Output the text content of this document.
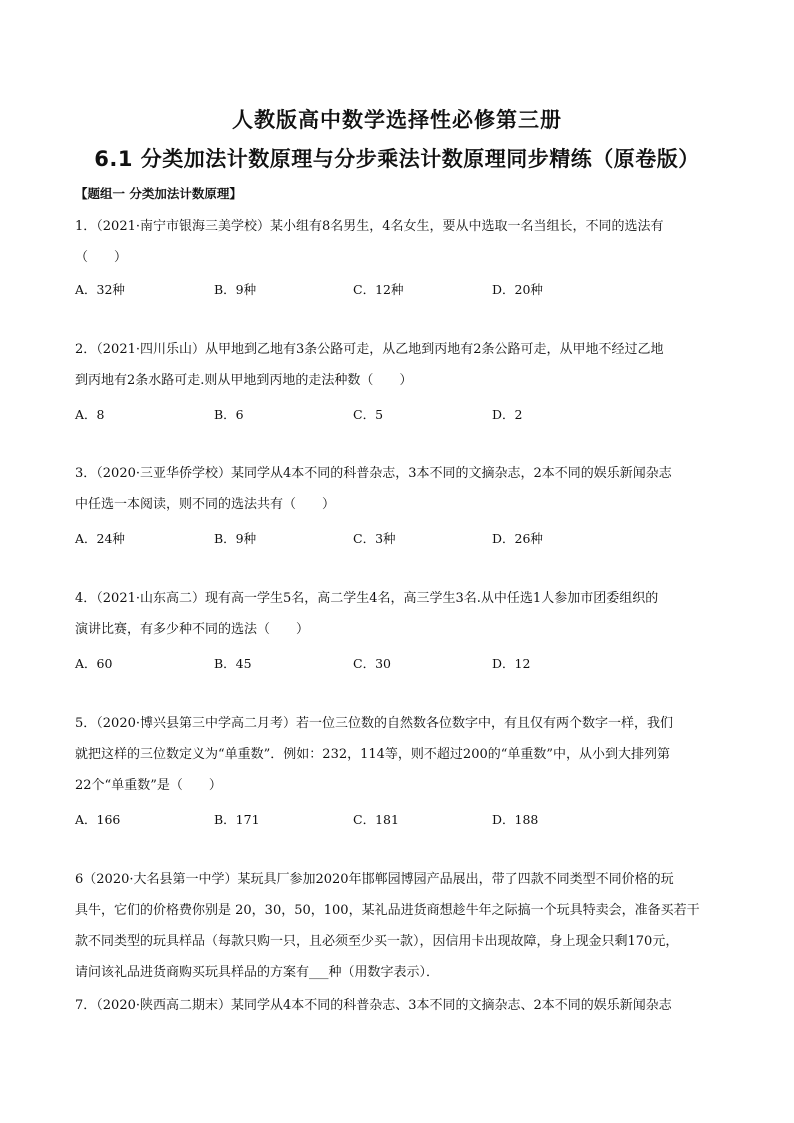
人教版高中数学选择性必修第三册
6.1 分类加法计数原理与分步乘法计数原理同步精练（原卷版）
【题组一 分类加法计数原理】

1．（2021·南宁市银海三美学校）某小组有8名男生，4名女生，要从中选取一名当组长，不同的选法有

（　　）

A．32种	B．9种	C．12种	D．20种

2．（2021·四川乐山）从甲地到乙地有3条公路可走，从乙地到丙地有2条公路可走，从甲地不经过乙地

到丙地有2条水路可走.则从甲地到丙地的走法种数（　　）

A．8	B．6	C．5	D．2

3．（2020·三亚华侨学校）某同学从4本不同的科普杂志，3本不同的文摘杂志，2本不同的娱乐新闻杂志

中任选一本阅读，则不同的选法共有（　　）

A．24种	B．9种	C．3种	D．26种

4．（2021·山东高二）现有高一学生5名，高二学生4名，高三学生3名.从中任选1人参加市团委组织的

演讲比赛，有多少种不同的选法（　　）

A．60	B．45	C．30	D．12

5．（2020·博兴县第三中学高二月考）若一位三位数的自然数各位数字中，有且仅有两个数字一样，我们

就把这样的三位数定义为“单重数”．例如：232，114等，则不超过200的“单重数”中，从小到大排列第

22个“单重数”是（　　）

A．166	B．171	C．181	D．188

6（2020·大名县第一中学）某玩具厂参加2020年邯郸园博园产品展出，带了四款不同类型不同价格的玩

具牛，它们的价格费你别是 20，30，50，100，某礼品进货商想趁牛年之际搞一个玩具特卖会，准备买若干

款不同类型的玩具样品（每款只购一只，且必须至少买一款），因信用卡出现故障，身上现金只剩170元，

请问该礼品进货商购买玩具样品的方案有___种（用数字表示）．

7．（2020·陕西高二期末）某同学从4本不同的科普杂志、3本不同的文摘杂志、2本不同的娱乐新闻杂志
